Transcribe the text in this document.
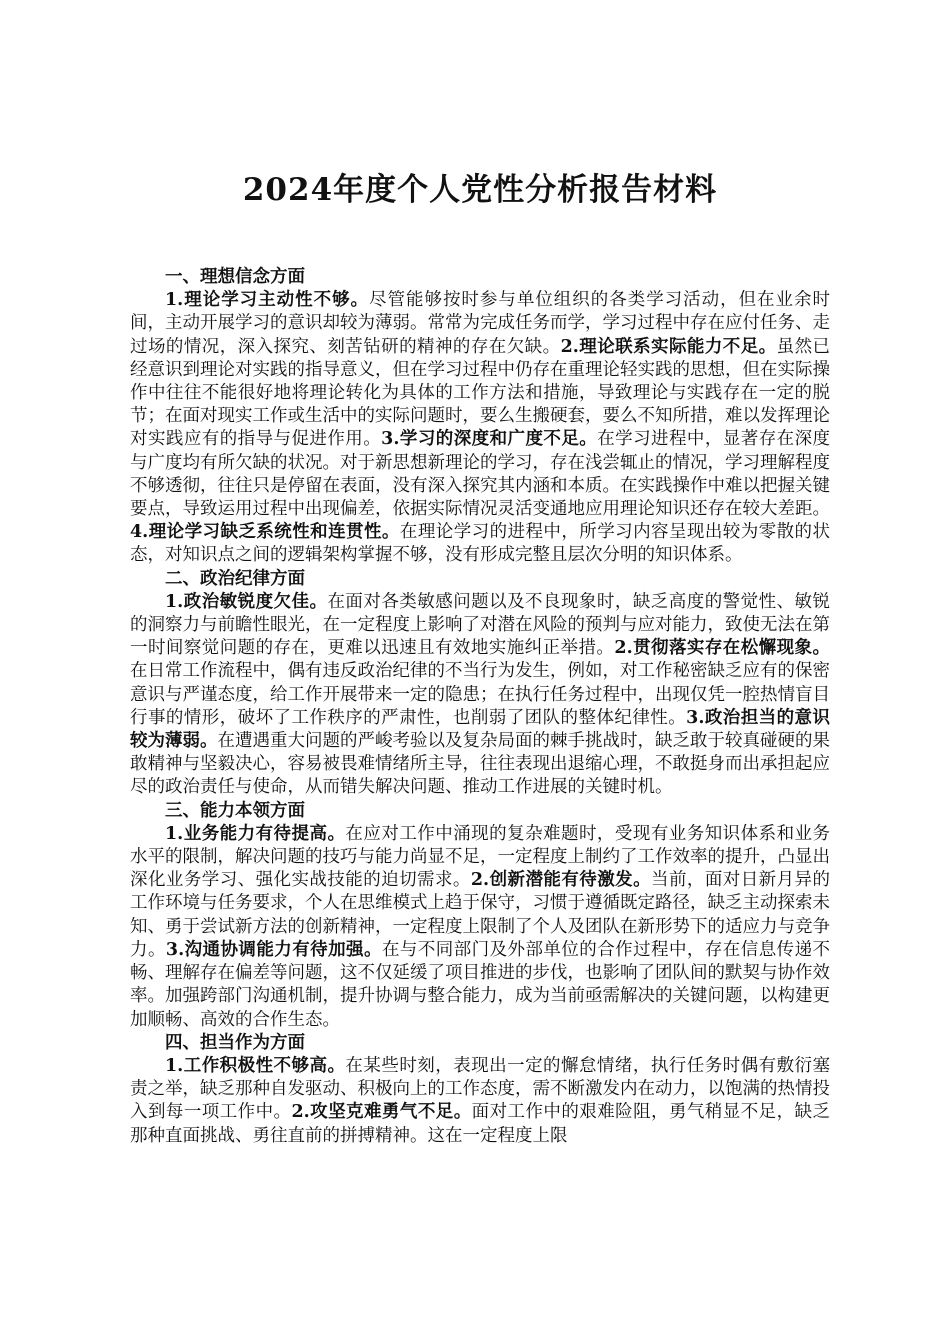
2024年度个人党性分析报告材料

一、理想信念方面

1.理论学习主动性不够。尽管能够按时参与单位组织的各类学习活动，但在业余时间，主动开展学习的意识却较为薄弱。常常为完成任务而学，学习过程中存在应付任务、走过场的情况，深入探究、刻苦钻研的精神的存在欠缺。2.理论联系实际能力不足。虽然已经意识到理论对实践的指导意义，但在学习过程中仍存在重理论轻实践的思想，但在实际操作中往往不能很好地将理论转化为具体的工作方法和措施，导致理论与实践存在一定的脱节；在面对现实工作或生活中的实际问题时，要么生搬硬套，要么不知所措，难以发挥理论对实践应有的指导与促进作用。3.学习的深度和广度不足。在学习进程中，显著存在深度与广度均有所欠缺的状况。对于新思想新理论的学习，存在浅尝辄止的情况，学习理解程度不够透彻，往往只是停留在表面，没有深入探究其内涵和本质。在实践操作中难以把握关键要点，导致运用过程中出现偏差，依据实际情况灵活变通地应用理论知识还存在较大差距。4.理论学习缺乏系统性和连贯性。在理论学习的进程中，所学习内容呈现出较为零散的状态，对知识点之间的逻辑架构掌握不够，没有形成完整且层次分明的知识体系。

二、政治纪律方面

1.政治敏锐度欠佳。在面对各类敏感问题以及不良现象时，缺乏高度的警觉性、敏锐的洞察力与前瞻性眼光，在一定程度上影响了对潜在风险的预判与应对能力，致使无法在第一时间察觉问题的存在，更难以迅速且有效地实施纠正举措。2.贯彻落实存在松懈现象。在日常工作流程中，偶有违反政治纪律的不当行为发生，例如，对工作秘密缺乏应有的保密意识与严谨态度，给工作开展带来一定的隐患；在执行任务过程中，出现仅凭一腔热情盲目行事的情形，破坏了工作秩序的严肃性，也削弱了团队的整体纪律性。3.政治担当的意识较为薄弱。在遭遇重大问题的严峻考验以及复杂局面的棘手挑战时，缺乏敢于较真碰硬的果敢精神与坚毅决心，容易被畏难情绪所主导，往往表现出退缩心理，不敢挺身而出承担起应尽的政治责任与使命，从而错失解决问题、推动工作进展的关键时机。

三、能力本领方面

1.业务能力有待提高。在应对工作中涌现的复杂难题时，受现有业务知识体系和业务水平的限制，解决问题的技巧与能力尚显不足，一定程度上制约了工作效率的提升，凸显出深化业务学习、强化实战技能的迫切需求。2.创新潜能有待激发。当前，面对日新月异的工作环境与任务要求，个人在思维模式上趋于保守，习惯于遵循既定路径，缺乏主动探索未知、勇于尝试新方法的创新精神，一定程度上限制了个人及团队在新形势下的适应力与竞争力。3.沟通协调能力有待加强。在与不同部门及外部单位的合作过程中，存在信息传递不畅、理解存在偏差等问题，这不仅延缓了项目推进的步伐，也影响了团队间的默契与协作效率。加强跨部门沟通机制，提升协调与整合能力，成为当前亟需解决的关键问题，以构建更加顺畅、高效的合作生态。

四、担当作为方面

1.工作积极性不够高。在某些时刻，表现出一定的懈怠情绪，执行任务时偶有敷衍塞责之举，缺乏那种自发驱动、积极向上的工作态度，需不断激发内在动力，以饱满的热情投入到每一项工作中。2.攻坚克难勇气不足。面对工作中的艰难险阻，勇气稍显不足，缺乏那种直面挑战、勇往直前的拼搏精神。这在一定程度上限
